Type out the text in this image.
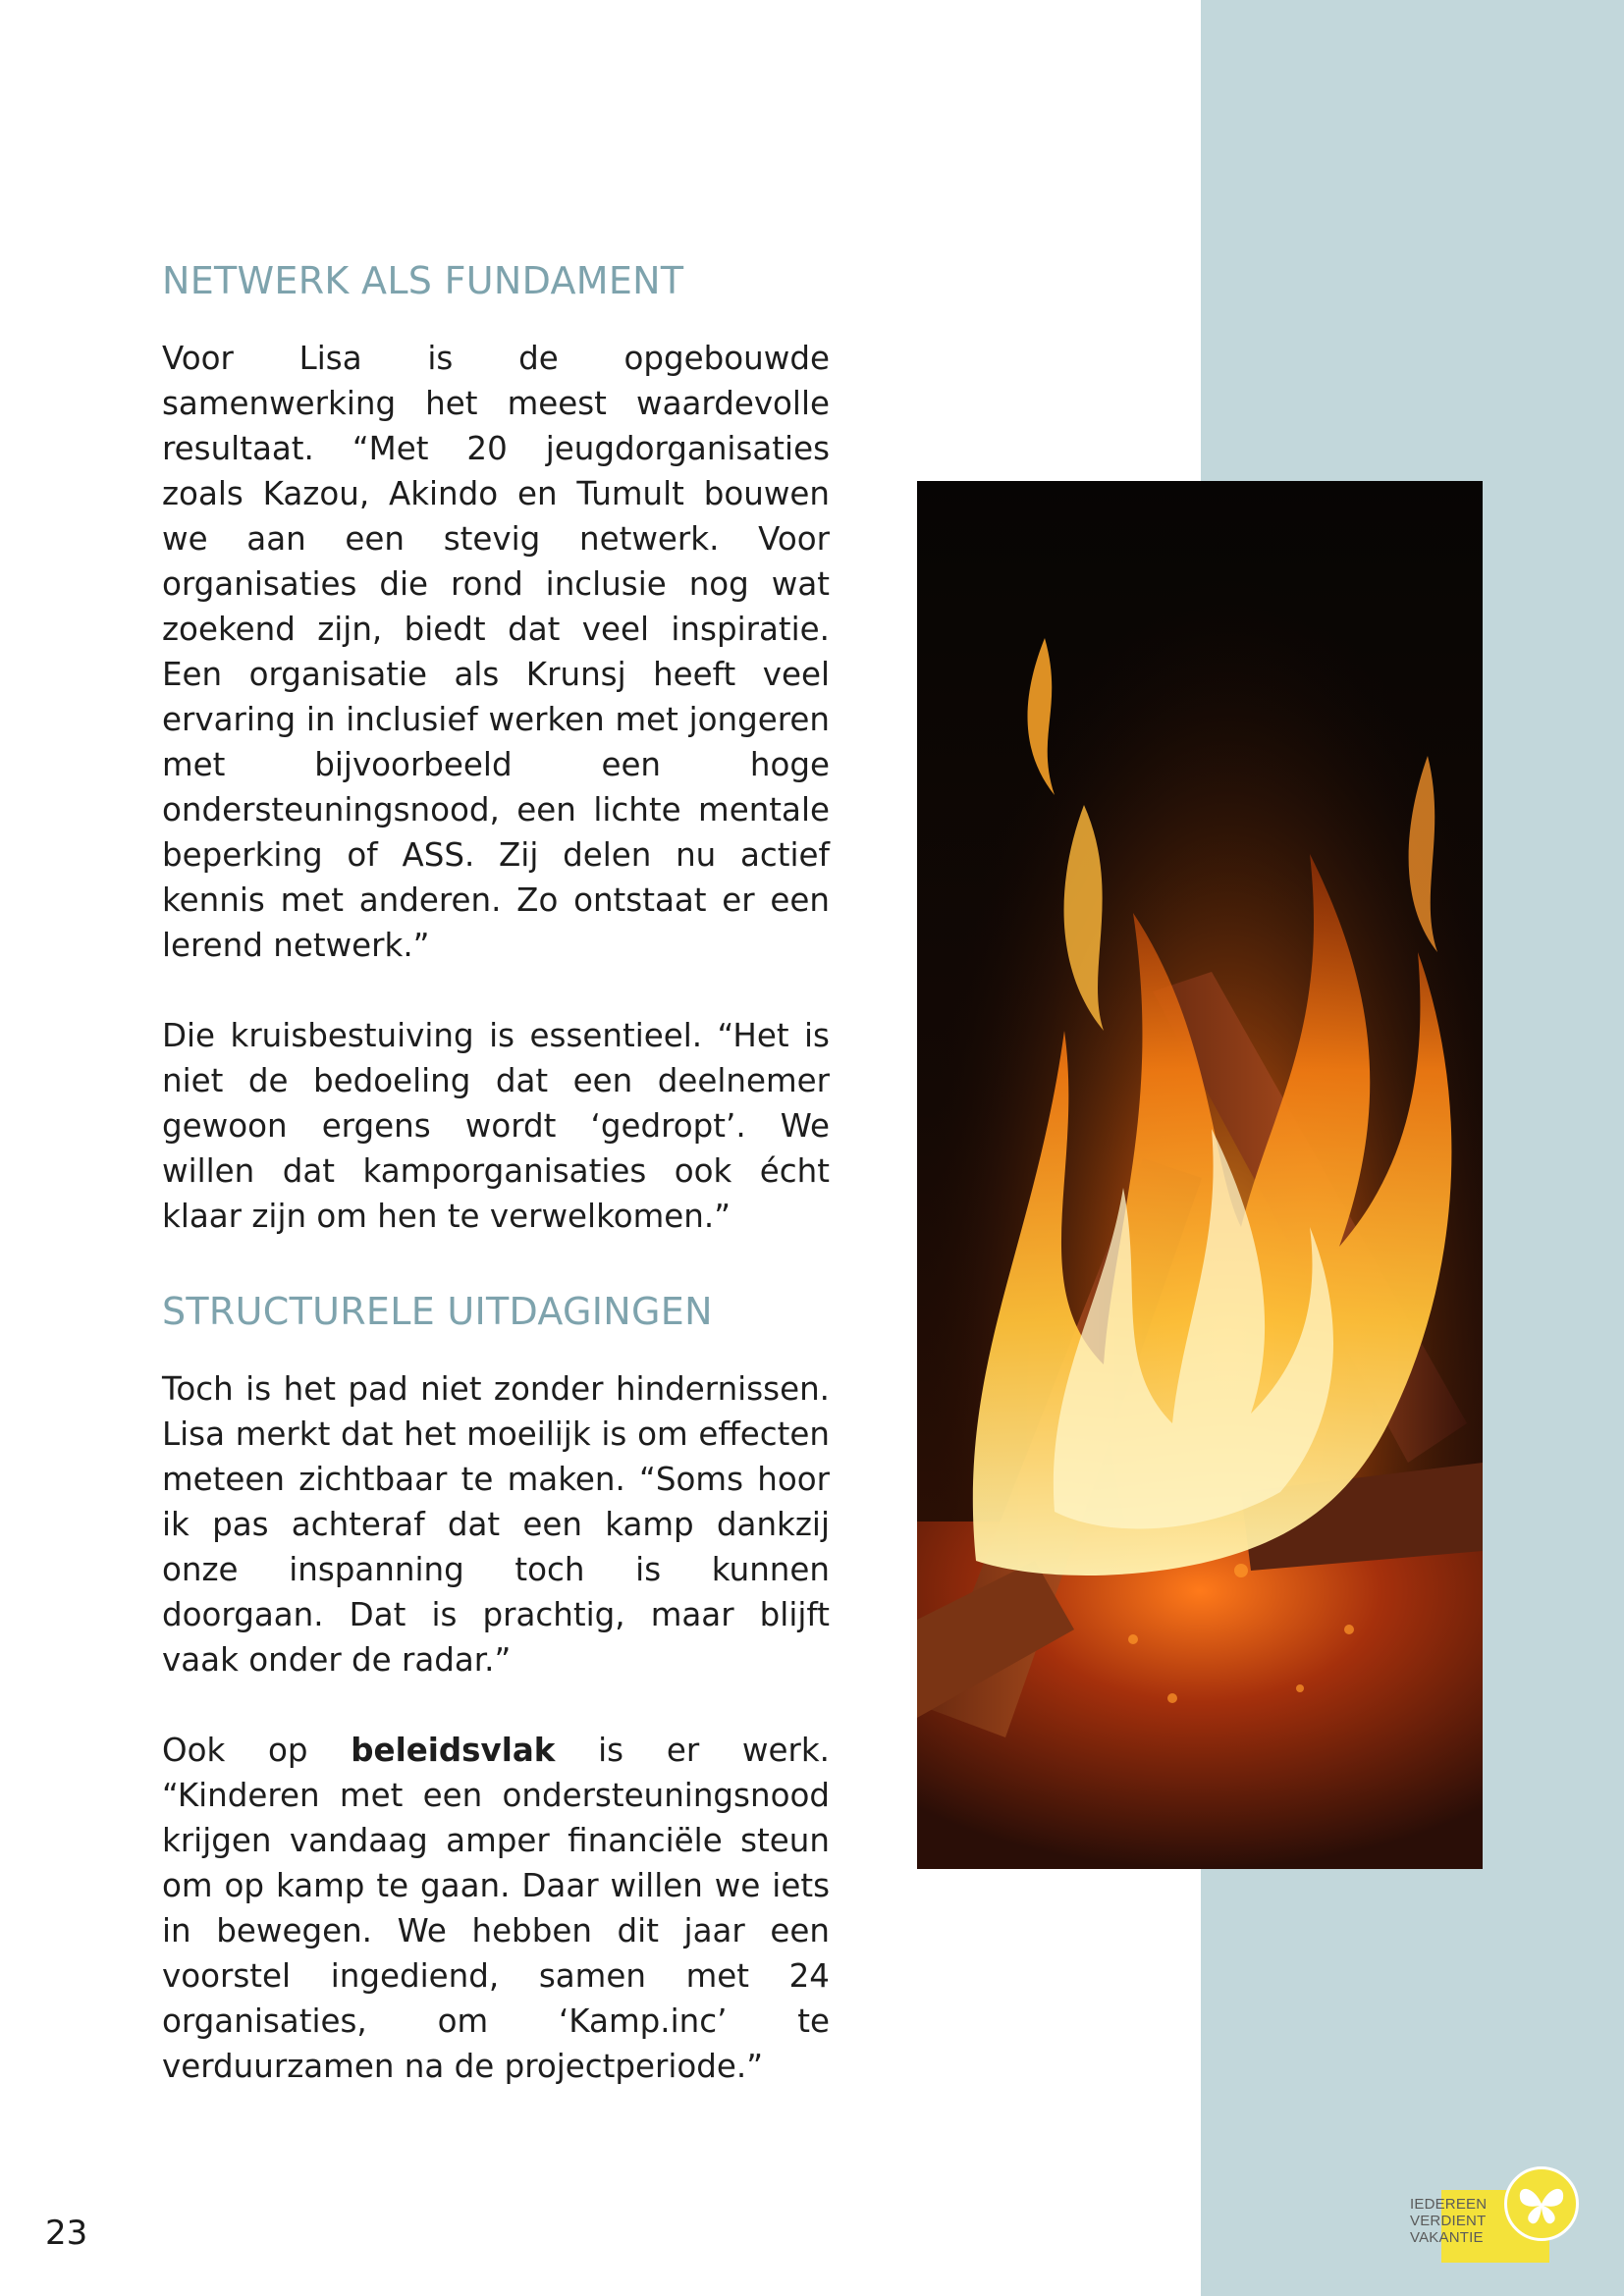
NETWERK ALS FUNDAMENT

Voor Lisa is de opgebouwde samenwerking het meest waardevolle resultaat. “Met 20 jeugdorganisaties zoals Kazou, Akindo en Tumult bouwen we aan een stevig netwerk. Voor organisaties die rond inclusie nog wat zoekend zijn, biedt dat veel inspiratie. Een organisatie als Krunsj heeft veel ervaring in inclusief werken met jongeren met bijvoorbeeld een hoge ondersteuningsnood, een lichte mentale beperking of ASS. Zij delen nu actief kennis met anderen. Zo ontstaat er een lerend netwerk.”

Die kruisbestuiving is essentieel. “Het is niet de bedoeling dat een deelnemer gewoon ergens wordt ‘gedropt’. We willen dat kamporganisaties ook écht klaar zijn om hen te verwelkomen.”

STRUCTURELE UITDAGINGEN

Toch is het pad niet zonder hindernissen. Lisa merkt dat het moeilijk is om effecten meteen zichtbaar te maken. “Soms hoor ik pas achteraf dat een kamp dankzij onze inspanning toch is kunnen doorgaan. Dat is prachtig, maar blijft vaak onder de radar.”

Ook op beleidsvlak is er werk. “Kinderen met een ondersteuningsnood krijgen vandaag amper financiële steun om op kamp te gaan. Daar willen we iets in bewegen. We hebben dit jaar een voorstel ingediend, samen met 24 organisaties, om ‘Kamp.inc’ te verduurzamen na de projectperiode.”

23
IEDEREEN
VERDIENT
VAKANTIE
